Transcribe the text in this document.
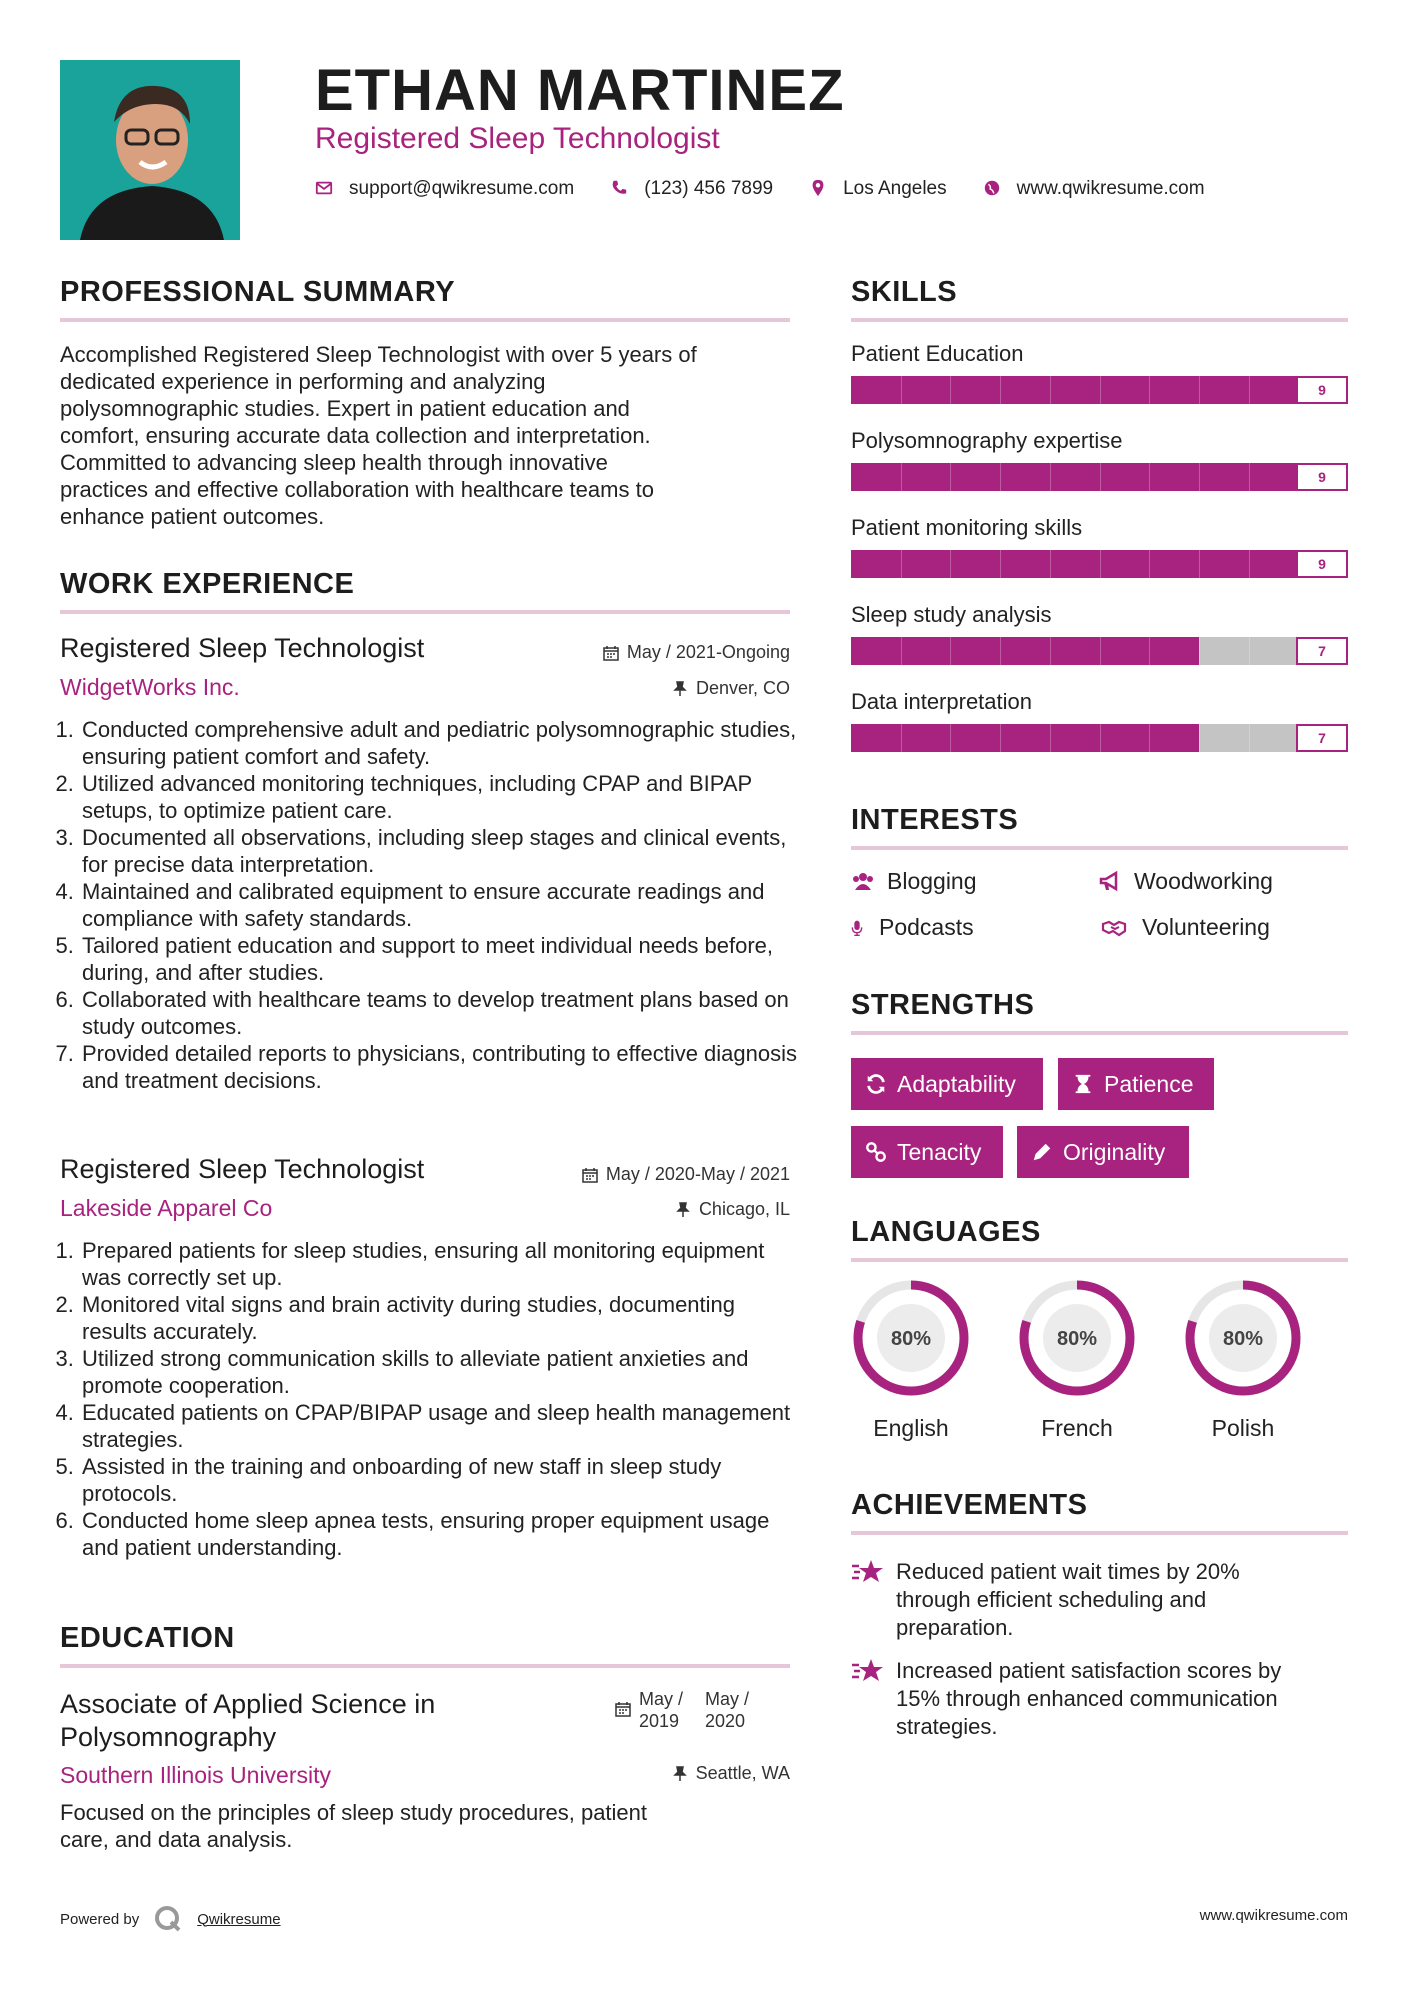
ETHAN MARTINEZ
Registered Sleep Technologist
support@qwikresume.com	(123) 456 7899	Los Angeles	www.qwikresume.com
PROFESSIONAL SUMMARY
Accomplished Registered Sleep Technologist with over 5 years of
dedicated experience in performing and analyzing
polysomnographic studies. Expert in patient education and
comfort, ensuring accurate data collection and interpretation.
Committed to advancing sleep health through innovative
practices and effective collaboration with healthcare teams to
enhance patient outcomes.
WORK EXPERIENCE
Registered Sleep Technologist	May / 2021-Ongoing
WidgetWorks Inc.	Denver, CO
1. Conducted comprehensive adult and pediatric polysomnographic studies, ensuring patient comfort and safety.
2. Utilized advanced monitoring techniques, including CPAP and BIPAP setups, to optimize patient care.
3. Documented all observations, including sleep stages and clinical events, for precise data interpretation.
4. Maintained and calibrated equipment to ensure accurate readings and compliance with safety standards.
5. Tailored patient education and support to meet individual needs before, during, and after studies.
6. Collaborated with healthcare teams to develop treatment plans based on study outcomes.
7. Provided detailed reports to physicians, contributing to effective diagnosis and treatment decisions.
Registered Sleep Technologist	May / 2020-May / 2021
Lakeside Apparel Co	Chicago, IL
1. Prepared patients for sleep studies, ensuring all monitoring equipment was correctly set up.
2. Monitored vital signs and brain activity during studies, documenting results accurately.
3. Utilized strong communication skills to alleviate patient anxieties and promote cooperation.
4. Educated patients on CPAP/BIPAP usage and sleep health management strategies.
5. Assisted in the training and onboarding of new staff in sleep study protocols.
6. Conducted home sleep apnea tests, ensuring proper equipment usage and patient understanding.
EDUCATION
Associate of Applied Science in
Polysomnography
May /
2019
May /
2020
Southern Illinois University	Seattle, WA
Focused on the principles of sleep study procedures, patient
care, and data analysis.
SKILLS
Patient Education
9
Polysomnography expertise
9
Patient monitoring skills
9
Sleep study analysis
7
Data interpretation
7
INTERESTS
Blogging	Woodworking
Podcasts	Volunteering
STRENGTHS
Adaptability	Patience
Tenacity	Originality
LANGUAGES
80%
English
80%
French
80%
Polish
ACHIEVEMENTS
Reduced patient wait times by 20%
through efficient scheduling and
preparation.
Increased patient satisfaction scores by
15% through enhanced communication
strategies.
Powered by	Qwikresume	www.qwikresume.com
